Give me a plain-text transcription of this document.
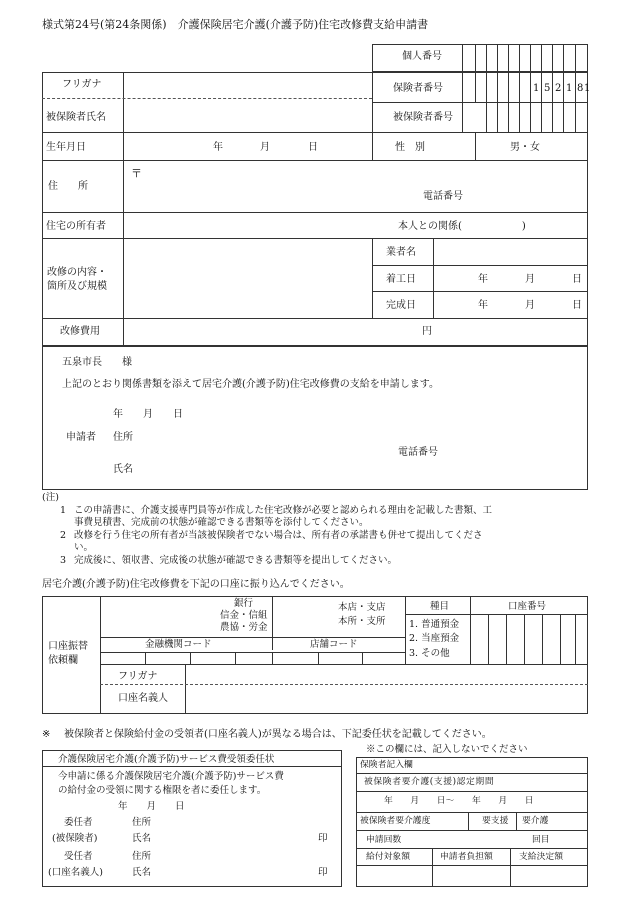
様式第24号(第24条関係)　介護保険居宅介護(介護予防)住宅改修費支給申請書
個人番号
フリガナ	保険者番号	1 5 2 1 8 1
被保険者氏名	被保険者番号
生年月日	年	月	日	性　別	男・女
住　　所
〒
電話番号
住宅の所有者	本人との関係(　　　　　　)
改修の内容・
箇所及び規模
業者名
着工日	年	月	日
完成日	年	月	日
改修費用	円
五泉市長　　様
上記のとおり関係書類を添えて居宅介護(介護予防)住宅改修費の支給を申請します。
年　　月　　日
申請者 住所
電話番号
氏名
(注)
1 この申請書に、介護支援専門員等が作成した住宅改修が必要と認められる理由を記載した書類、工
事費見積書、完成前の状態が確認できる書類等を添付してください。
2 改修を行う住宅の所有者が当該被保険者でない場合は、所有者の承諾書も併せて提出してくださ
い。
3 完成後に、領収書、完成後の状態が確認できる書類等を提出してください。
居宅介護(介護予防)住宅改修費を下記の口座に振り込んでください。
口座振替
依頼欄
銀行
信金・信組
農協・労金
本店・支店
本所・支所
種目	口座番号
1. 普通預金
2. 当座預金
3. その他
金融機関コード	店舗コード
フリガナ
口座名義人
※ 被保険者と保険給付金の受領者(口座名義人)が異なる場合は、下記委任状を記載してください。
介護保険居宅介護(介護予防)サービス費受領委任状
今申請に係る介護保険居宅介護(介護予防)サービス費
の給付金の受領に関する権限を者に委任します。
年　　月　　日
委任者
(被保険者)
住所
氏名	印
受任者
(口座名義人)
住所
氏名	印
※この欄には、記入しないでください
保険者記入欄
被保険者要介護(支援)認定期間
年　　月　　日〜　　年　　月　　日
被保険者要介護度	要支援 要介護
申請回数	回目
給付対象額	申請者負担額	支給決定額
